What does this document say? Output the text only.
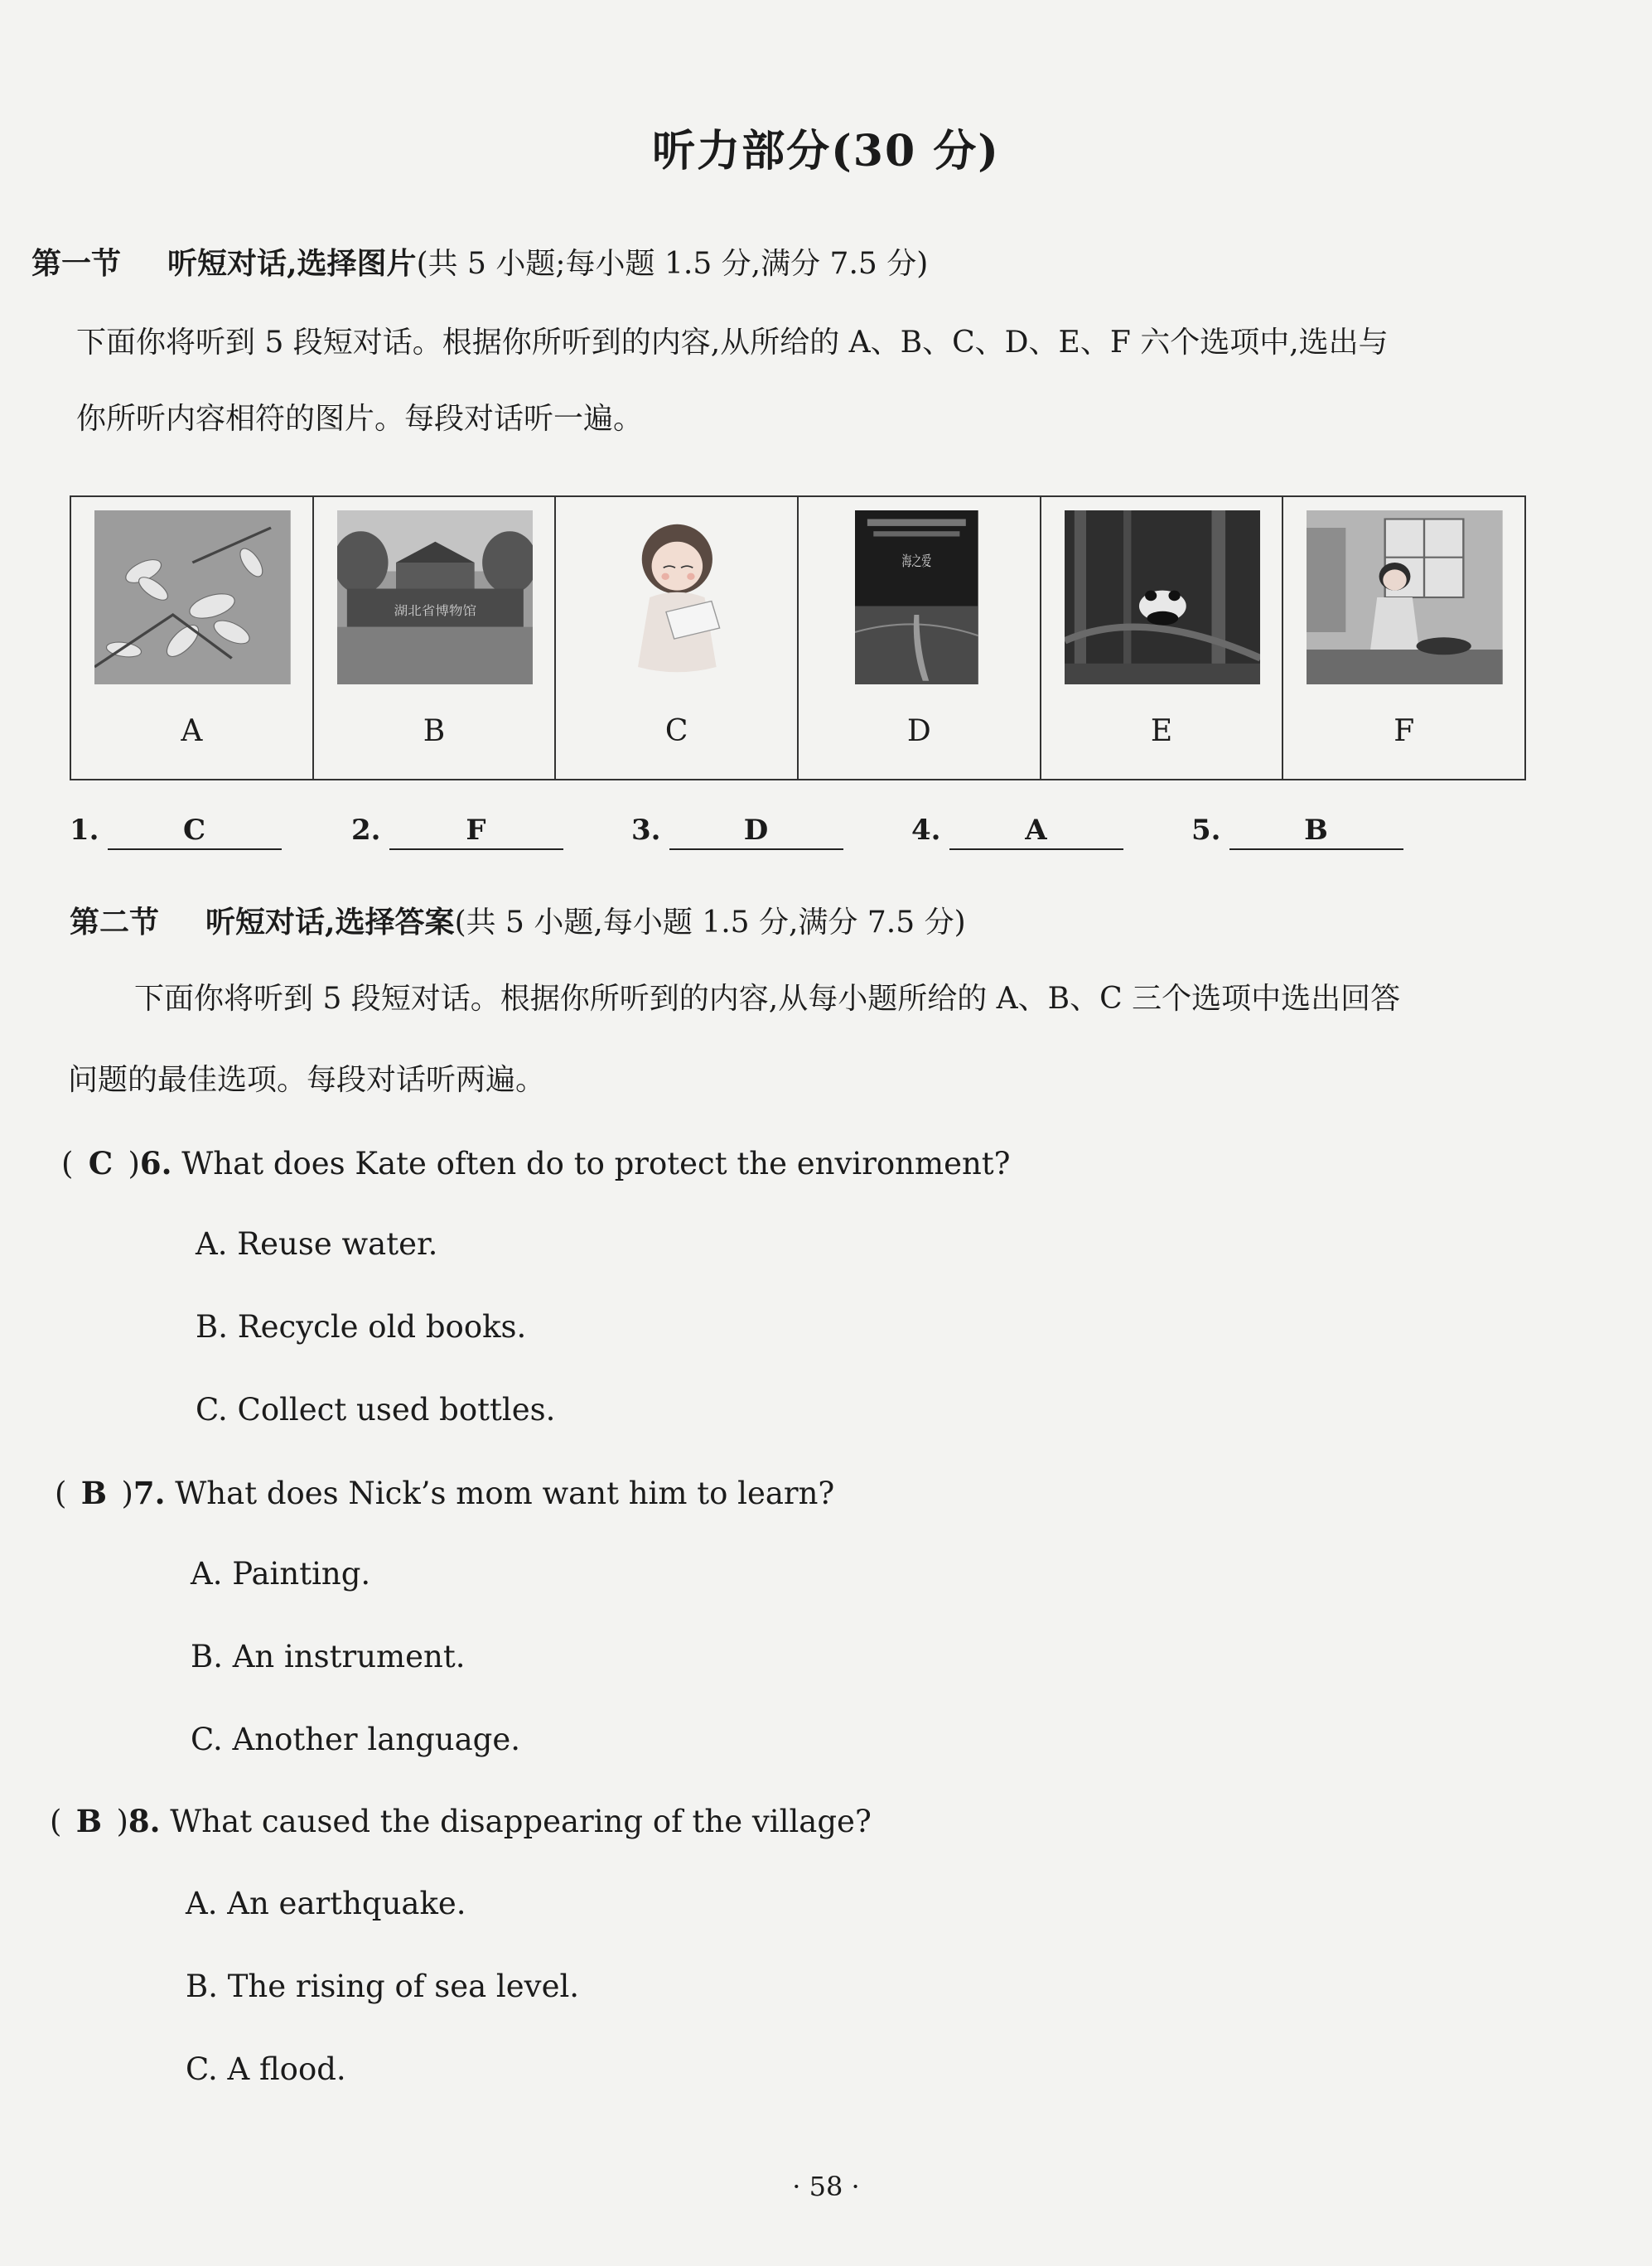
听力部分(30 分)
第一节 听短对话,选择图片(共 5 小题;每小题 1.5 分,满分 7.5 分)
下面你将听到 5 段短对话。根据你所听到的内容,从所给的 A、B、C、D、E、F 六个选项中,选出与
你所听内容相符的图片。每段对话听一遍。
A
湖北省博物馆
B	C
海之爱
D	E	F
1.	C	2.	F	3.	D	4.	A	5.	B
第二节 听短对话,选择答案(共 5 小题,每小题 1.5 分,满分 7.5 分)
下面你将听到 5 段短对话。根据你所听到的内容,从每小题所给的 A、B、C 三个选项中选出回答
问题的最佳选项。每段对话听两遍。
( C )6. What does Kate often do to protect the environment?
A. Reuse water.
B. Recycle old books.
C. Collect used bottles.
( B )7. What does Nick’s mom want him to learn?
A. Painting.
B. An instrument.
C. Another language.
( B )8. What caused the disappearing of the village?
A. An earthquake.
B. The rising of sea level.
C. A flood.
· 58 ·
